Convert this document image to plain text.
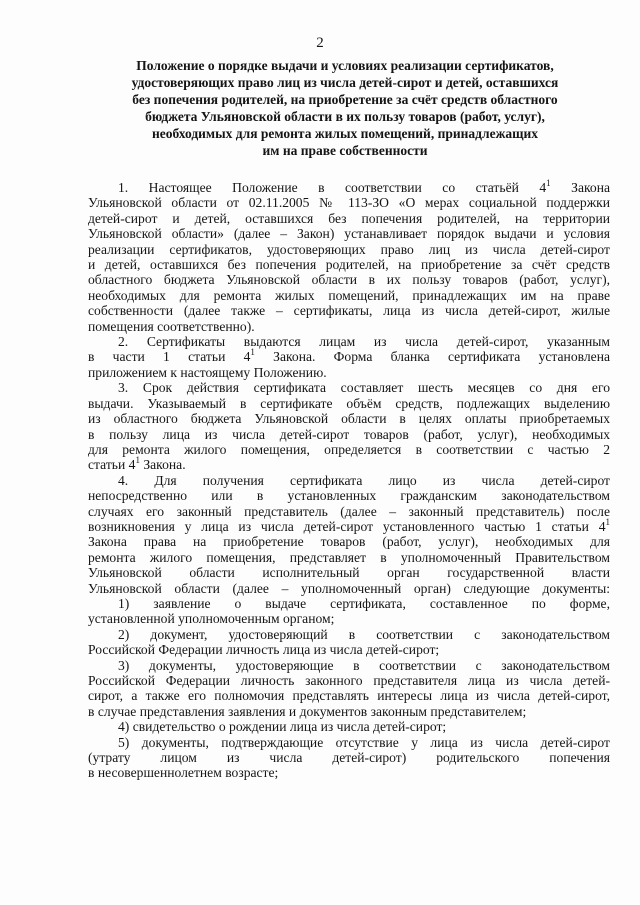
2
Положение о порядке выдачи и условиях реализации сертификатов,
удостоверяющих право лиц из числа детей-сирот и детей, оставшихся
без попечения родителей, на приобретение за счёт средств областного
бюджета Ульяновской области в их пользу товаров (работ, услуг),
необходимых для ремонта жилых помещений, принадлежащих
им на праве собственности
1. Настоящее Положение в соответствии со статьёй $4^1$ Закона
Ульяновской области от 02.11.2005 № 113-ЗО «О мерах социальной поддержки
детей-сирот и детей, оставшихся без попечения родителей, на территории
Ульяновской области» (далее – Закон) устанавливает порядок выдачи и условия
реализации сертификатов, удостоверяющих право лиц из числа детей-сирот
и детей, оставшихся без попечения родителей, на приобретение за счёт средств
областного бюджета Ульяновской области в их пользу товаров (работ, услуг),
необходимых для ремонта жилых помещений, принадлежащих им на праве
собственности (далее также – сертификаты, лица из числа детей-сирот, жилые
помещения соответственно).
2. Сертификаты выдаются лицам из числа детей-сирот, указанным
в части 1 статьи $4^1$ Закона. Форма бланка сертификата установлена
приложением к настоящему Положению.
3. Срок действия сертификата составляет шесть месяцев со дня его
выдачи. Указываемый в сертификате объём средств, подлежащих выделению
из областного бюджета Ульяновской области в целях оплаты приобретаемых
в пользу лица из числа детей-сирот товаров (работ, услуг), необходимых
для ремонта жилого помещения, определяется в соответствии с частью 2
статьи $4^1$ Закона.
4. Для получения сертификата лицо из числа детей-сирот
непосредственно или в установленных гражданским законодательством
случаях его законный представитель (далее – законный представитель) после
возникновения у лица из числа детей-сирот установленного частью 1 статьи $4^1$
Закона права на приобретение товаров (работ, услуг), необходимых для
ремонта жилого помещения, представляет в уполномоченный Правительством
Ульяновской области исполнительный орган государственной власти
Ульяновской области (далее – уполномоченный орган) следующие документы:
1) заявление о выдаче сертификата, составленное по форме,
установленной уполномоченным органом;
2) документ, удостоверяющий в соответствии с законодательством
Российской Федерации личность лица из числа детей-сирот;
3) документы, удостоверяющие в соответствии с законодательством
Российской Федерации личность законного представителя лица из числа детей-
сирот, а также его полномочия представлять интересы лица из числа детей-сирот,
в случае представления заявления и документов законным представителем;
4) свидетельство о рождении лица из числа детей-сирот;
5) документы, подтверждающие отсутствие у лица из числа детей-сирот
(утрату лицом из числа детей-сирот) родительского попечения
в несовершеннолетнем возрасте;
